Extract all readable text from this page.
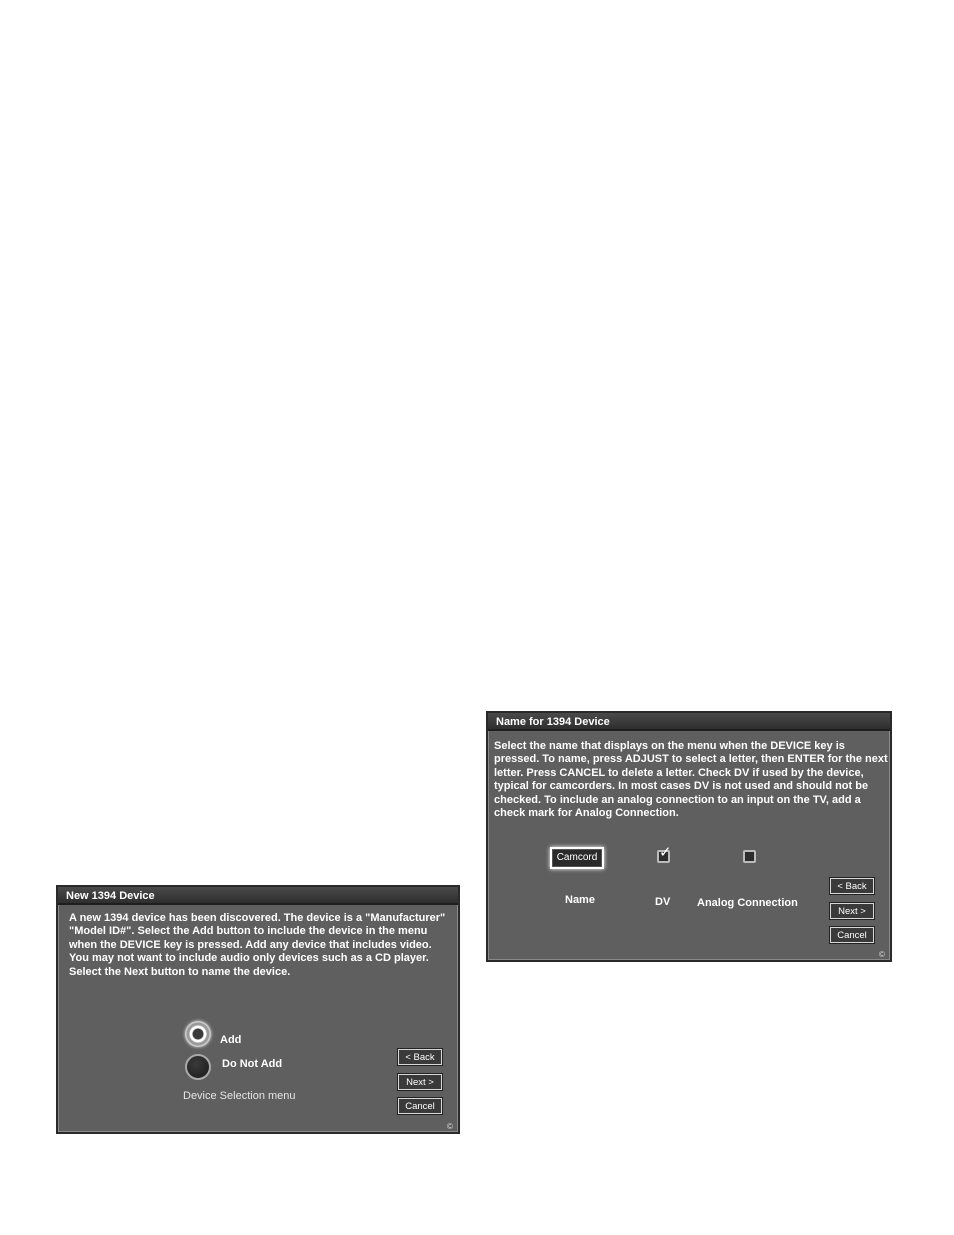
New 1394 Device
A new 1394 device has been discovered. The device is a "Manufacturer" "Model ID#". Select the Add button to include the device in the menu when the DEVICE key is pressed. Add any device that includes video. You may not want to include audio only devices such as a CD player. Select the Next button to name the device.
Add
Do Not Add
Device Selection menu
< Back
Next >
Cancel
©
Name for 1394 Device
Select the name that displays on the menu when the DEVICE key is pressed. To name, press ADJUST to select a letter, then ENTER for the next letter. Press CANCEL to delete a letter. Check DV if used by the device, typical for camcorders. In most cases DV is not used and should not be checked. To include an analog connection to an input on the TV, add a check mark for Analog Connection.
Camcord
Name
✓
DV Analog Connection
< Back
Next >
Cancel
©
